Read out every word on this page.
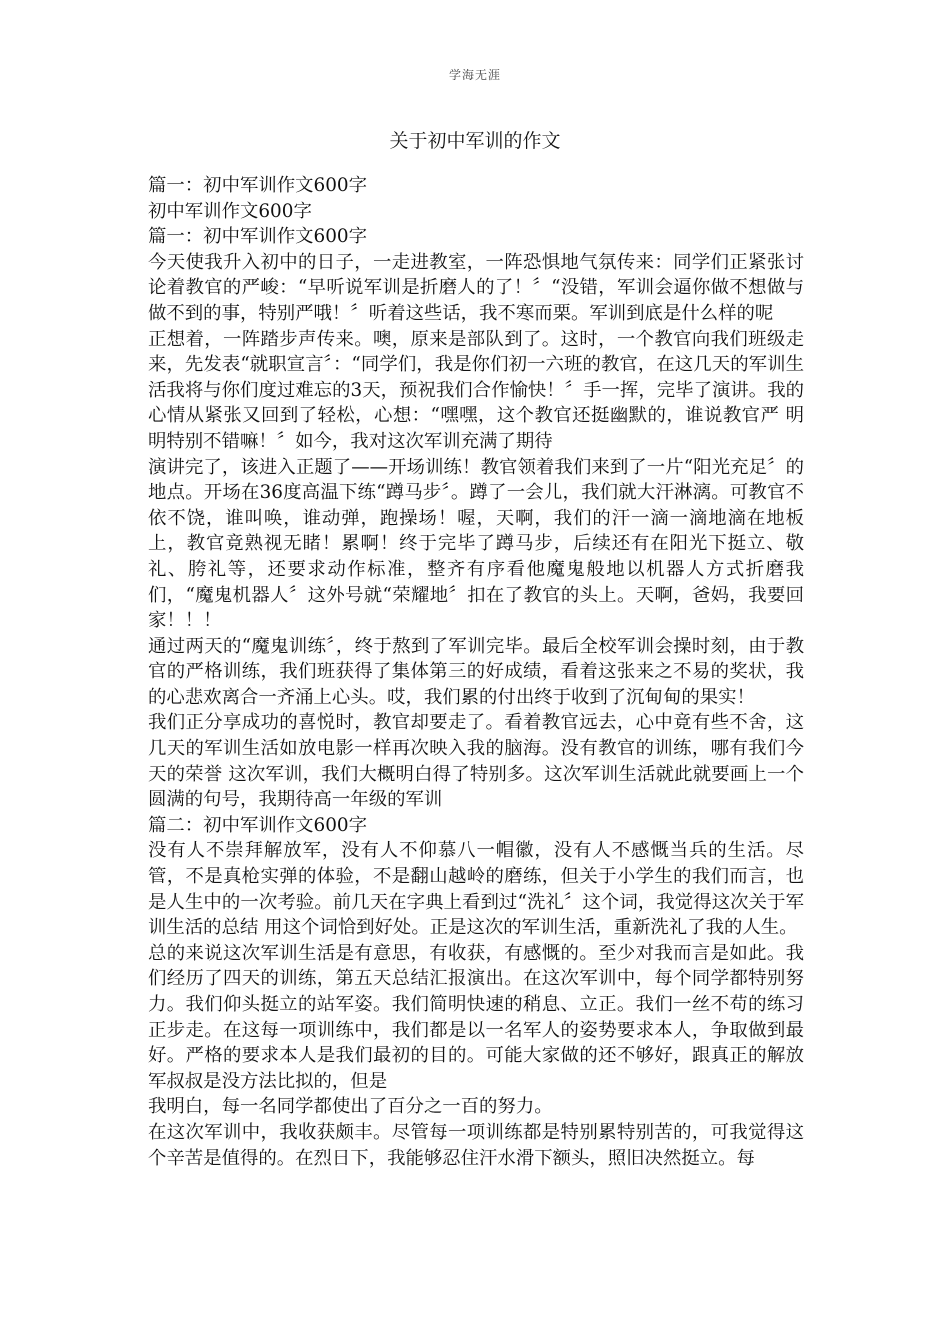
学海无涯
关于初中军训的作文

篇一：初中军训作文600字

初中军训作文600字

篇一：初中军训作文600字

今天使我升入初中的日子，一走进教室，一阵恐惧地气氛传来：同学们正紧张讨论着教官的严峻：“早听说军训是折磨人的了！〞“没错，军训会逼你做不想做与做不到的事，特别严哦！〞听着这些话，我不寒而栗。军训到底是什么样的呢

正想着，一阵踏步声传来。噢，原来是部队到了。这时，一个教官向我们班级走来，先发表“就职宣言〞：“同学们，我是你们初一六班的教官，在这几天的军训生活我将与你们度过难忘的3天，预祝我们合作愉快！〞手一挥，完毕了演讲。我的心情从紧张又回到了轻松，心想：“嘿嘿，这个教官还挺幽默的，谁说教官严 明明特别不错嘛！〞如今，我对这次军训充满了期待

演讲完了，该进入正题了——开场训练！教官领着我们来到了一片“阳光充足〞的地点。开场在36度高温下练“蹲马步〞。蹲了一会儿，我们就大汗淋漓。可教官不依不饶，谁叫唤，谁动弹，跑操场！喔，天啊，我们的汗一滴一滴地滴在地板上，教官竟熟视无睹！累啊！终于完毕了蹲马步，后续还有在阳光下挺立、敬礼、胯礼等，还要求动作标准，整齐有序看他魔鬼般地以机器人方式折磨我们，“魔鬼机器人〞这外号就“荣耀地〞扣在了教官的头上。天啊，爸妈，我要回家！！！

通过两天的“魔鬼训练〞，终于熬到了军训完毕。最后全校军训会操时刻，由于教官的严格训练，我们班获得了集体第三的好成绩，看着这张来之不易的奖状，我的心悲欢离合一齐涌上心头。哎，我们累的付出终于收到了沉甸甸的果实！

我们正分享成功的喜悦时，教官却要走了。看着教官远去，心中竟有些不舍，这几天的军训生活如放电影一样再次映入我的脑海。没有教官的训练，哪有我们今天的荣誉 这次军训，我们大概明白得了特别多。这次军训生活就此就要画上一个圆满的句号，我期待高一年级的军训

篇二：初中军训作文600字

没有人不崇拜解放军，没有人不仰慕八一帽徽，没有人不感慨当兵的生活。尽管，不是真枪实弹的体验，不是翻山越岭的磨练，但关于小学生的我们而言，也是人生中的一次考验。前几天在字典上看到过“洗礼〞这个词，我觉得这次关于军训生活的总结 用这个词恰到好处。正是这次的军训生活，重新洗礼了我的人生。

总的来说这次军训生活是有意思，有收获，有感慨的。至少对我而言是如此。我们经历了四天的训练，第五天总结汇报演出。在这次军训中，每个同学都特别努力。我们仰头挺立的站军姿。我们简明快速的稍息、立正。我们一丝不苟的练习正步走。在这每一项训练中，我们都是以一名军人的姿势要求本人，争取做到最好。严格的要求本人是我们最初的目的。可能大家做的还不够好，跟真正的解放军叔叔是没方法比拟的，但是

我明白，每一名同学都使出了百分之一百的努力。

在这次军训中，我收获颇丰。尽管每一项训练都是特别累特别苦的，可我觉得这个辛苦是值得的。在烈日下，我能够忍住汗水滑下额头，照旧决然挺立。每
